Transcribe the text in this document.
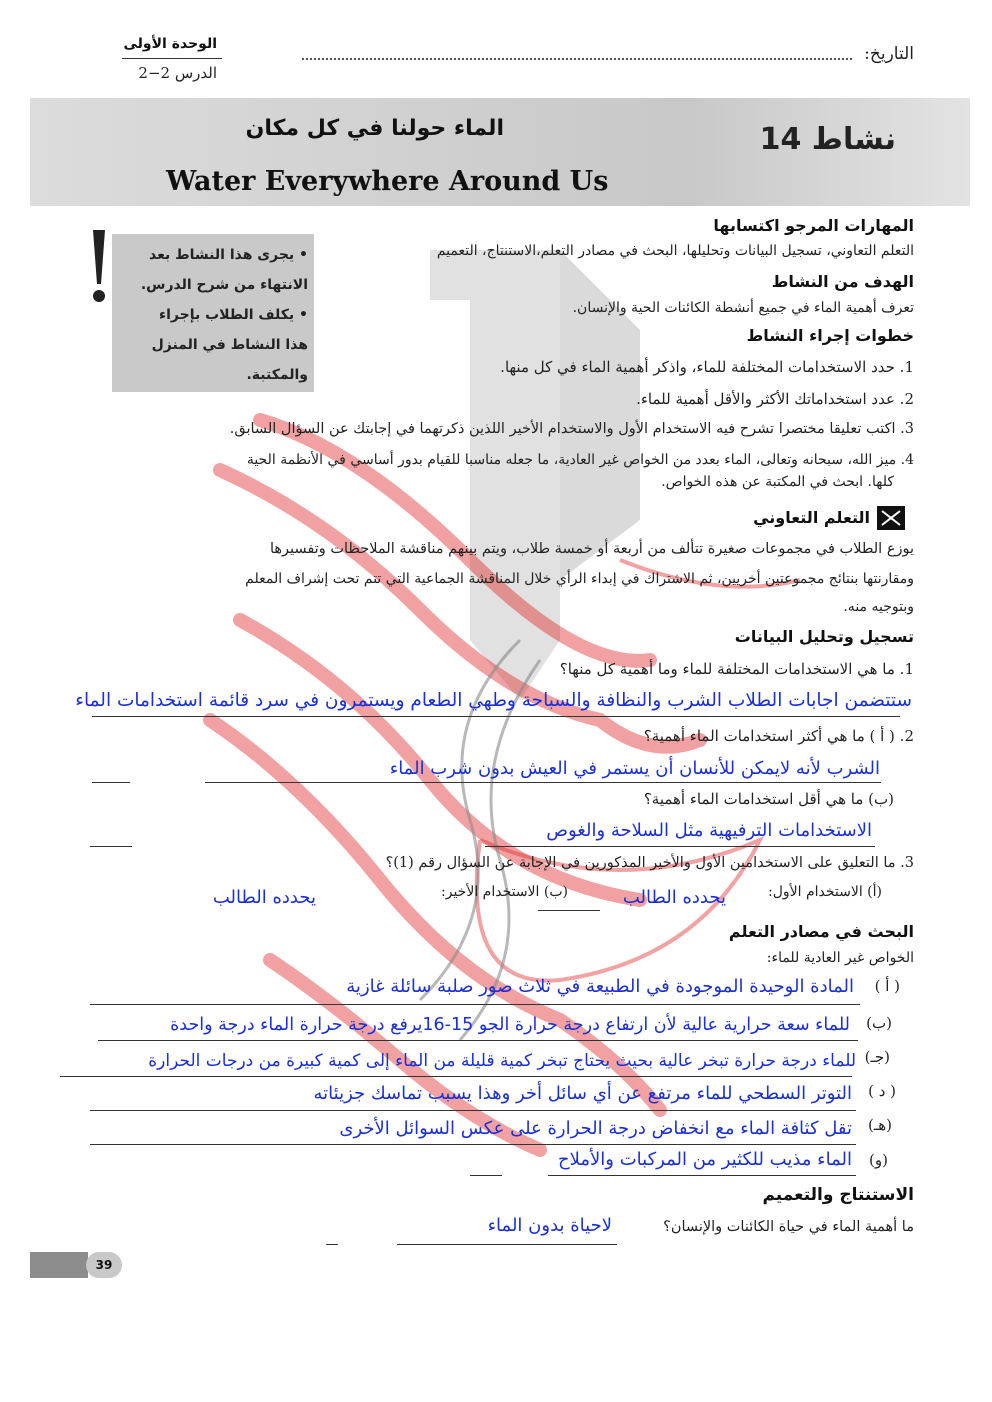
الوحدة الأولى
الدرس 2−2
التاريخ:
نشاط 14
الماء حولنا في كل مكان
Water Everywhere Around Us
• يجرى هذا النشاط بعد
الانتهاء من شرح الدرس.
• يكلف الطلاب بإجراء
هذا النشاط في المنزل
والمكتبة.
المهارات المرجو اكتسابها
التعلم التعاوني، تسجيل البيانات وتحليلها، البحث في مصادر التعلم،الاستنتاج، التعميم
الهدف من النشاط
تعرف أهمية الماء في جميع أنشطة الكائنات الحية والإنسان.
خطوات إجراء النشاط
1. حدد الاستخدامات المختلفة للماء، واذكر أهمية الماء في كل منها.
2. عدد استخداماتك الأكثر والأقل أهمية للماء.
3. اكتب تعليقا مختصرا تشرح فيه الاستخدام الأول والاستخدام الأخير اللذين ذكرتهما في إجابتك عن السؤال السابق.
4. ميز الله، سبحانه وتعالى، الماء بعدد من الخواص غير العادية، ما جعله مناسبا للقيام بدور أساسي في الأنظمة الحية
كلها. ابحث في المكتبة عن هذه الخواص.
التعلم التعاوني
يوزع الطلاب في مجموعات صغيرة تتألف من أربعة أو خمسة طلاب، ويتم بينهم مناقشة الملاحظات وتفسيرها
ومقارنتها بنتائج مجموعتين أخريين، ثم الاشتراك في إبداء الرأي خلال المناقشة الجماعية التي تتم تحت إشراف المعلم
وبتوجيه منه.
تسجيل وتحليل البيانات
1. ما هي الاستخدامات المختلفة للماء وما أهمية كل منها؟
ستتضمن اجابات الطلاب الشرب والنظافة والسباحة وطهي الطعام ويستمرون في سرد قائمة استخدامات الماء
2. ( أ ) ما هي أكثر استخدامات الماء أهمية؟
الشرب لأنه لايمكن للأنسان أن يستمر في العيش بدون شرب الماء
(ب) ما هي أقل استخدامات الماء أهمية؟
الاستخدامات الترفيهية مثل السلاحة والغوص
3. ما التعليق على الاستخدامين الأول والأخير المذكورين في الإجابة عن السؤال رقم (1)؟
(أ) الاستخدام الأول:
يحدده الطالب
(ب) الاستخدام الأخير:
يحدده الطالب
البحث في مصادر التعلم
الخواص غير العادية للماء:
( أ )
المادة الوحيدة الموجودة في الطبيعة في ثلاث صور صلبة سائلة غازية
(ب)
للماء سعة حرارية عالية لأن ارتفاع درجة حرارة الجو 15-16يرفع درجة حرارة الماء درجة واحدة
(جـ)
للماء درجة حرارة تبخر عالية بحيث يحتاج تبخر كمية قليلة من الماء إلى كمية كبيرة من درجات الحرارة
( د )
التوتر السطحي للماء مرتفع عن أي سائل أخر وهذا يسبب تماسك جزيئاته
(هـ)
تقل كثافة الماء مع انخفاض درجة الحرارة على عكس السوائل الأخرى
(و)
الماء مذيب للكثير من المركبات والأملاح
الاستنتاج والتعميم
ما أهمية الماء في حياة الكائنات والإنسان؟
لاحياة بدون الماء
39
